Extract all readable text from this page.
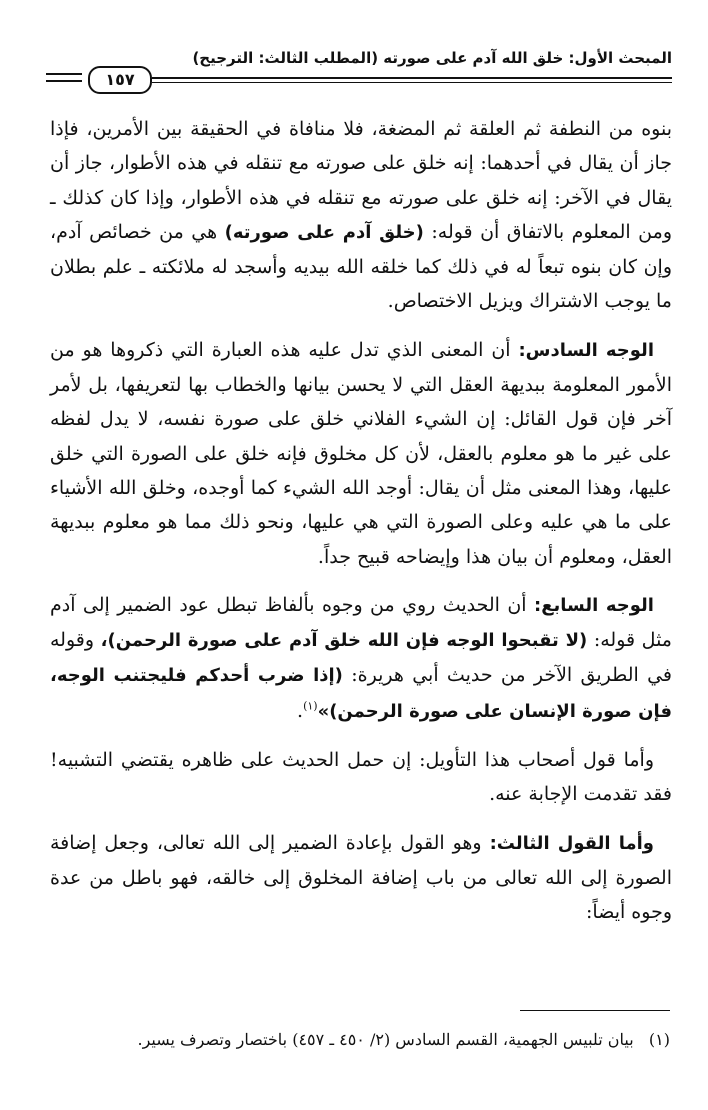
المبحث الأول: خلق الله آدم على صورته (المطلب الثالث: الترجيح)
١٥٧

بنوه من النطفة ثم العلقة ثم المضغة، فلا منافاة في الحقيقة بين الأمرين، فإذا جاز أن يقال في أحدهما: إنه خلق على صورته مع تنقله في هذه الأطوار، جاز أن يقال في الآخر: إنه خلق على صورته مع تنقله في هذه الأطوار، وإذا كان كذلك ـ ومن المعلوم بالاتفاق أن قوله: (خلق آدم على صورته) هي من خصائص آدم، وإن كان بنوه تبعاً له في ذلك كما خلقه الله بيديه وأسجد له ملائكته ـ علم بطلان ما يوجب الاشتراك ويزيل الاختصاص.

الوجه السادس: أن المعنى الذي تدل عليه هذه العبارة التي ذكروها هو من الأمور المعلومة ببديهة العقل التي لا يحسن بيانها والخطاب بها لتعريفها، بل لأمر آخر فإن قول القائل: إن الشيء الفلاني خلق على صورة نفسه، لا يدل لفظه على غير ما هو معلوم بالعقل، لأن كل مخلوق فإنه خلق على الصورة التي خلق عليها، وهذا المعنى مثل أن يقال: أوجد الله الشيء كما أوجده، وخلق الله الأشياء على ما هي عليه وعلى الصورة التي هي عليها، ونحو ذلك مما هو معلوم ببديهة العقل، ومعلوم أن بيان هذا وإيضاحه قبيح جداً.

الوجه السابع: أن الحديث روي من وجوه بألفاظ تبطل عود الضمير إلى آدم مثل قوله: (لا تقبحوا الوجه فإن الله خلق آدم على صورة الرحمن)، وقوله في الطريق الآخر من حديث أبي هريرة: (إذا ضرب أحدكم فليجتنب الوجه، فإن صورة الإنسان على صورة الرحمن)»$^{(١)}$.

وأما قول أصحاب هذا التأويل: إن حمل الحديث على ظاهره يقتضي التشبيه! فقد تقدمت الإجابة عنه.

وأما القول الثالث: وهو القول بإعادة الضمير إلى الله تعالى، وجعل إضافة الصورة إلى الله تعالى من باب إضافة المخلوق إلى خالقه، فهو باطل من عدة وجوه أيضاً:

(١)   بيان تلبيس الجهمية، القسم السادس (٢/ ٤٥٠ ـ ٤٥٧) باختصار وتصرف يسير.
